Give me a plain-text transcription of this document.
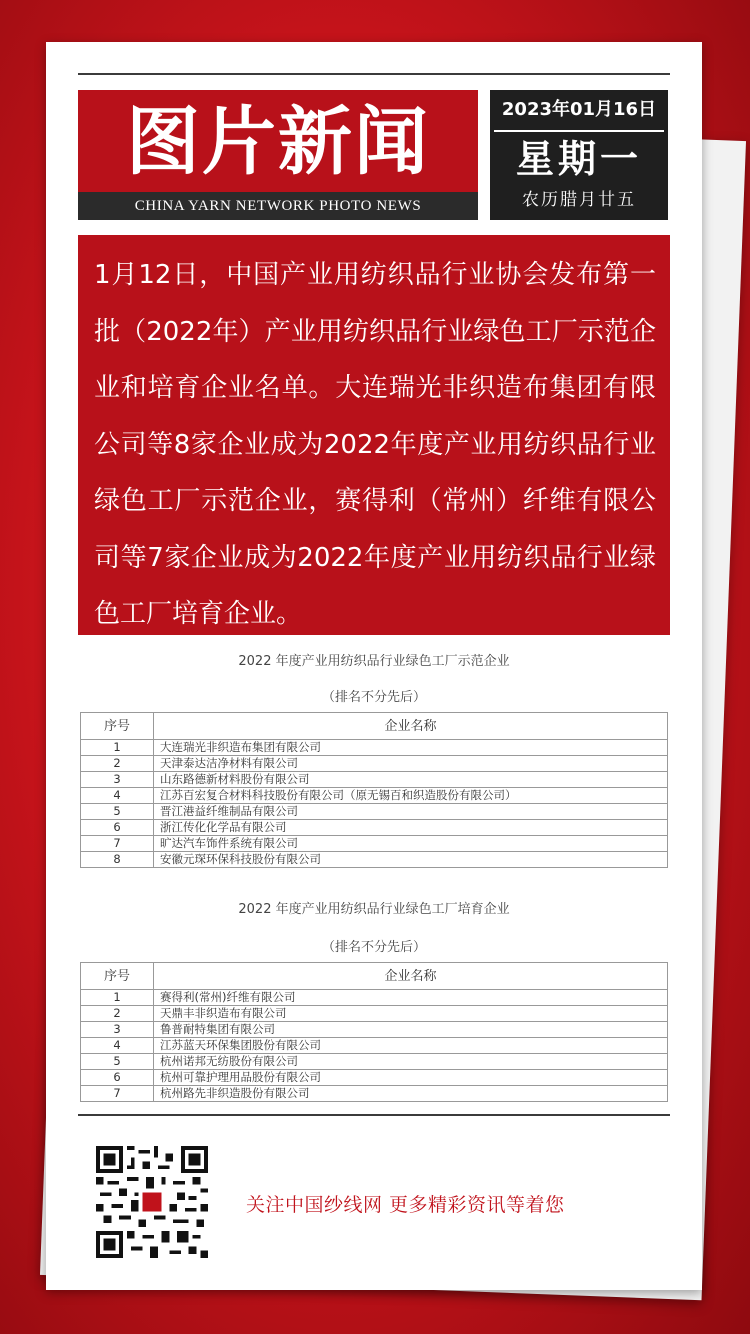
图片新闻
CHINA YARN NETWORK PHOTO NEWS
2023年01月16日
星期一
农历腊月廿五
1月12日，中国产业用纺织品行业协会发布第一批（2022年）产业用纺织品行业绿色工厂示范企业和培育企业名单。大连瑞光非织造布集团有限公司等8家企业成为2022年度产业用纺织品行业绿色工厂示范企业，赛得利（常州）纤维有限公司等7家企业成为2022年度产业用纺织品行业绿色工厂培育企业。
2022 年度产业用纺织品行业绿色工厂示范企业
（排名不分先后）
序号	企业名称
1	大连瑞光非织造布集团有限公司
2	天津泰达洁净材料有限公司
3	山东路德新材料股份有限公司
4	江苏百宏复合材料科技股份有限公司（原无锡百和织造股份有限公司）
5	晋江港益纤维制品有限公司
6	浙江传化化学品有限公司
7	旷达汽车饰件系统有限公司
8	安徽元琛环保科技股份有限公司
2022 年度产业用纺织品行业绿色工厂培育企业
（排名不分先后）
序号	企业名称
1	赛得利(常州)纤维有限公司
2	天鼎丰非织造布有限公司
3	鲁普耐特集团有限公司
4	江苏蓝天环保集团股份有限公司
5	杭州诺邦无纺股份有限公司
6	杭州可靠护理用品股份有限公司
7	杭州路先非织造股份有限公司
关注中国纱线网 更多精彩资讯等着您
